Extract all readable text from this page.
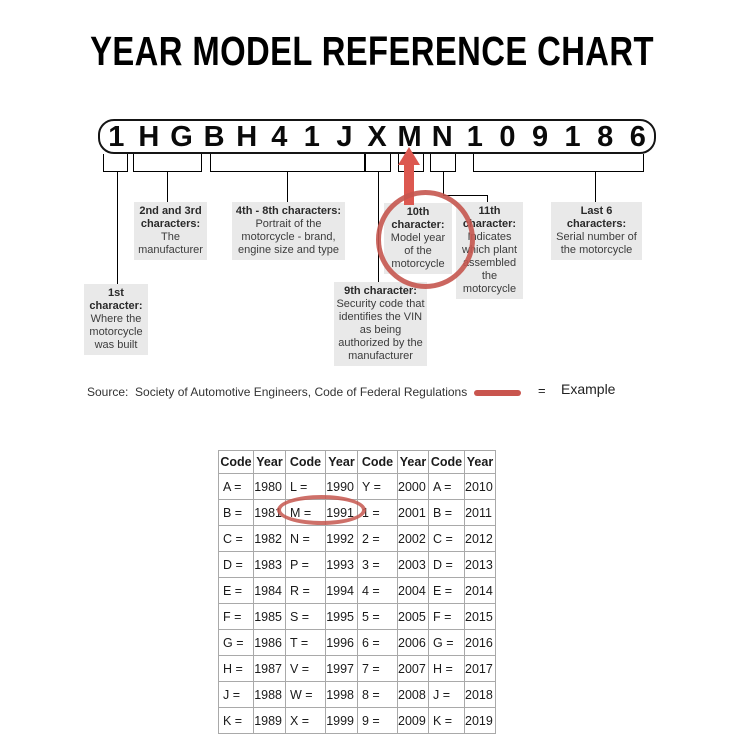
YEAR MODEL REFERENCE CHART
1 H G B H 4 1 J X M N 1 0 9 1 8 6
1st character:
Where the motorcycle was built
2nd and 3rd characters:
The manufacturer
4th - 8th characters:
Portrait of the motorcycle - brand, engine size and type
9th character:
Security code that identifies the VIN as being authorized by the manufacturer
10th character:
Model year of the motorcycle
11th character:
Indicates which plant assembled the motorcycle
Last 6 characters:
Serial number of the motorcycle
Source:  Society of Automotive Engineers, Code of Federal Regulations	= Example
Code	Year	Code	Year	Code	Year	Code	Year
A =	1980	L =	1990	Y =	2000	A =	2010
B =	1981	M =	1991	1 =	2001	B =	2011
C =	1982	N =	1992	2 =	2002	C =	2012
D =	1983	P =	1993	3 =	2003	D =	2013
E =	1984	R =	1994	4 =	2004	E =	2014
F =	1985	S =	1995	5 =	2005	F =	2015
G =	1986	T =	1996	6 =	2006	G =	2016
H =	1987	V =	1997	7 =	2007	H =	2017
J =	1988	W =	1998	8 =	2008	J =	2018
K =	1989	X =	1999	9 =	2009	K =	2019
